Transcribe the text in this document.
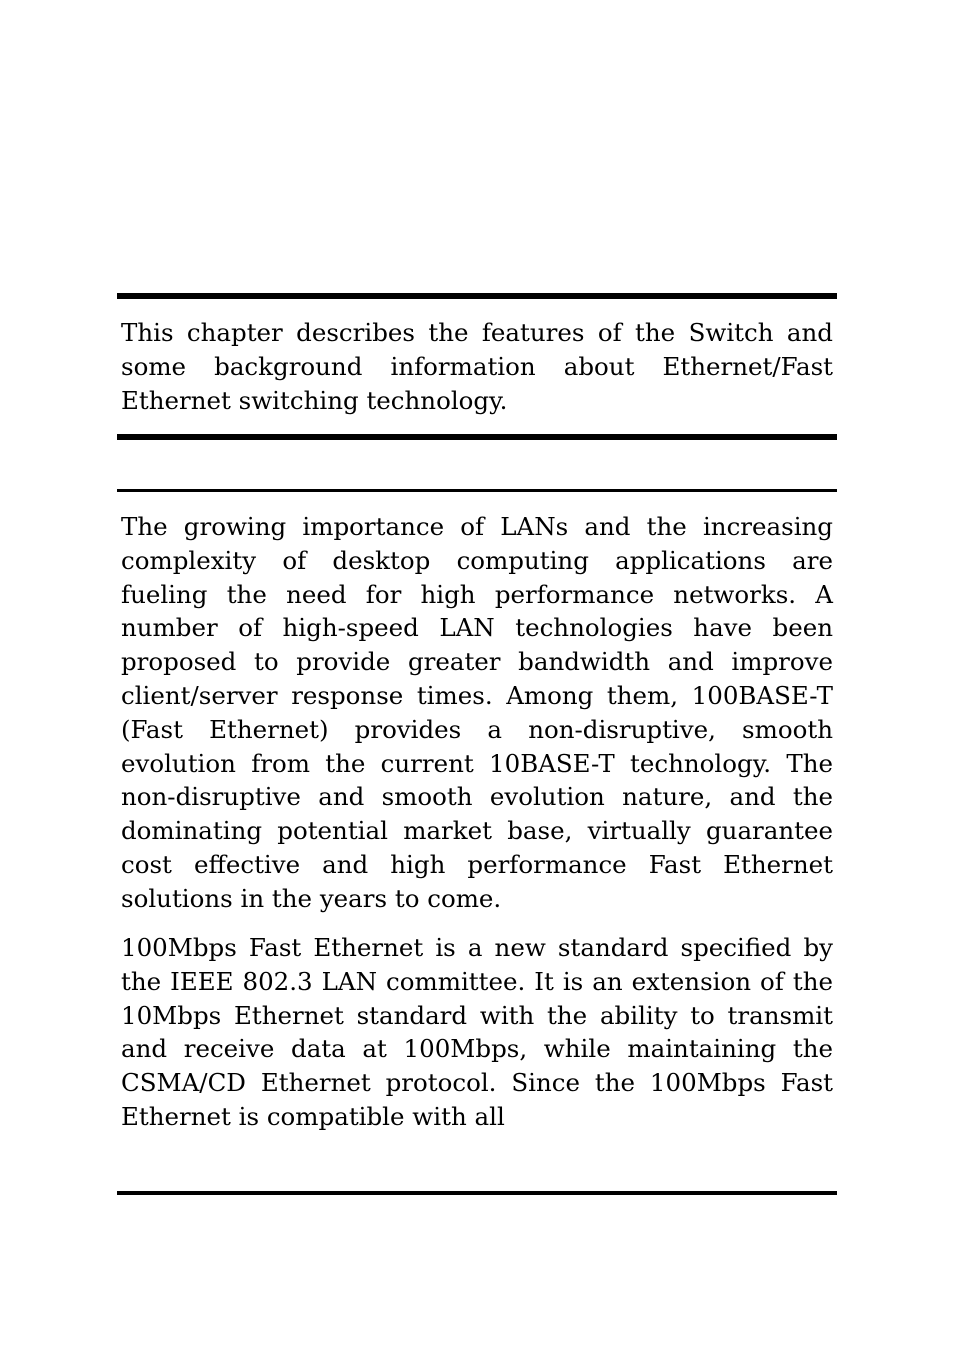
This chapter describes the features of the Switch and some background information about Ethernet/Fast Ethernet switching technology.

The growing importance of LANs and the increasing complexity of desktop computing applications are fueling the need for high performance networks. A number of high-speed LAN technologies have been proposed to provide greater bandwidth and improve client/server response times. Among them, 100BASE-T (Fast Ethernet) provides a non-disruptive, smooth evolution from the current 10BASE-T technology. The non-disruptive and smooth evolution nature, and the dominating potential market base, virtually guarantee cost effective and high performance Fast Ethernet solutions in the years to come.

100Mbps Fast Ethernet is a new standard specified by the IEEE 802.3 LAN committee. It is an extension of the 10Mbps Ethernet standard with the ability to transmit and receive data at 100Mbps, while maintaining the CSMA/CD Ethernet protocol. Since the 100Mbps Fast Ethernet is compatible with all
